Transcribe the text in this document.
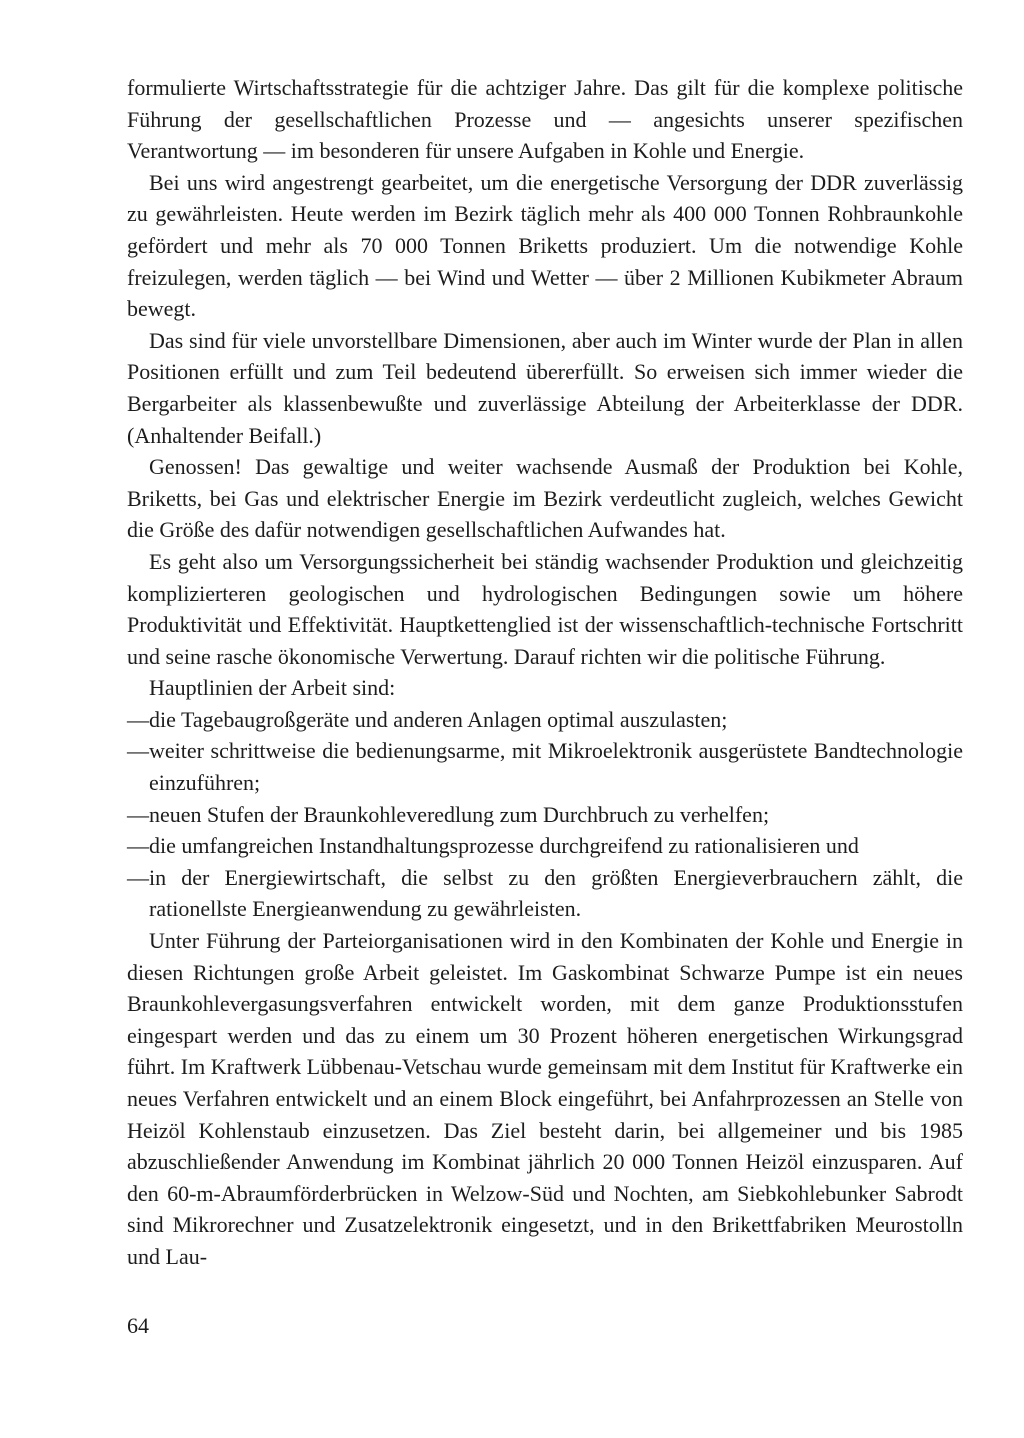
formulierte Wirtschaftsstrategie für die achtziger Jahre. Das gilt für die komplexe politische Führung der gesellschaftlichen Prozesse und — angesichts unserer spezifischen Verantwortung — im besonderen für unsere Aufgaben in Kohle und Energie.

Bei uns wird angestrengt gearbeitet, um die energetische Versorgung der DDR zuverlässig zu gewährleisten. Heute werden im Bezirk täglich mehr als 400 000 Tonnen Rohbraunkohle gefördert und mehr als 70 000 Tonnen Briketts produziert. Um die notwendige Kohle freizulegen, werden täglich — bei Wind und Wetter — über 2 Millionen Kubikmeter Abraum bewegt.

Das sind für viele unvorstellbare Dimensionen, aber auch im Winter wurde der Plan in allen Positionen erfüllt und zum Teil bedeutend übererfüllt. So erweisen sich immer wieder die Bergarbeiter als klassenbewußte und zuverlässige Abteilung der Arbeiterklasse der DDR. (Anhaltender Beifall.)

Genossen! Das gewaltige und weiter wachsende Ausmaß der Produktion bei Kohle, Briketts, bei Gas und elektrischer Energie im Bezirk verdeutlicht zugleich, welches Gewicht die Größe des dafür notwendigen gesellschaftlichen Aufwandes hat.

Es geht also um Versorgungssicherheit bei ständig wachsender Produktion und gleichzeitig komplizierteren geologischen und hydrologischen Bedingungen sowie um höhere Produktivität und Effektivität. Hauptkettenglied ist der wissenschaftlich-technische Fortschritt und seine rasche ökonomische Verwertung. Darauf richten wir die politische Führung.

Hauptlinien der Arbeit sind:

— die Tagebaugroßgeräte und anderen Anlagen optimal auszulasten;
— weiter schrittweise die bedienungsarme, mit Mikroelektronik ausgerüstete Bandtechnologie einzuführen;
— neuen Stufen der Braunkohleveredlung zum Durchbruch zu verhelfen;
— die umfangreichen Instandhaltungsprozesse durchgreifend zu rationalisieren und
— in der Energiewirtschaft, die selbst zu den größten Energieverbrauchern zählt, die rationellste Energieanwendung zu gewährleisten.

Unter Führung der Parteiorganisationen wird in den Kombinaten der Kohle und Energie in diesen Richtungen große Arbeit geleistet. Im Gaskombinat Schwarze Pumpe ist ein neues Braunkohlevergasungsverfahren entwickelt worden, mit dem ganze Produktionsstufen eingespart werden und das zu einem um 30 Prozent höheren energetischen Wirkungsgrad führt. Im Kraftwerk Lübbenau-Vetschau wurde gemeinsam mit dem Institut für Kraftwerke ein neues Verfahren entwickelt und an einem Block eingeführt, bei Anfahrprozessen an Stelle von Heizöl Kohlenstaub einzusetzen. Das Ziel besteht darin, bei allgemeiner und bis 1985 abzuschließender Anwendung im Kombinat jährlich 20 000 Tonnen Heizöl einzusparen. Auf den 60-m-Abraumförderbrücken in Welzow-Süd und Nochten, am Siebkohlebunker Sabrodt sind Mikrorechner und Zusatzelektronik eingesetzt, und in den Brikettfabriken Meurostolln und Lau-

64
